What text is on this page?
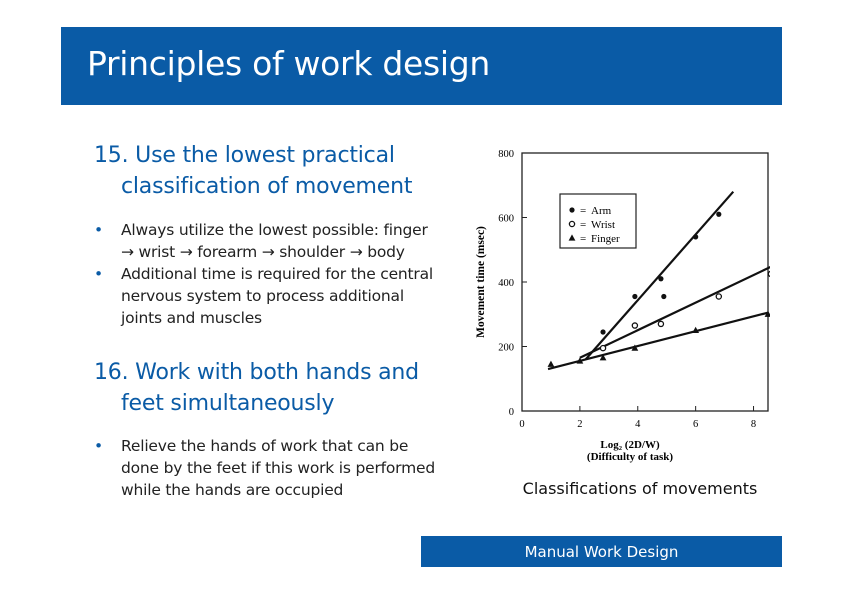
Principles of work design
15. Use the lowest practical
classification of movement
• Always utilize the lowest possible: finger
→ wrist → forearm → shoulder → body
• Additional time is required for the central
nervous system to process additional
joints and muscles
16. Work with both hands and
feet simultaneously
• Relieve the hands of work that can be
done by the feet if this work is performed
while the hands are occupied
0
200
400
600
800
0	2	4	6	8
Movement time (msec)
Log₂ (2D/W)
(Difficulty of task)
= Arm
= Wrist
= Finger
Classifications of movements
Manual Work Design
